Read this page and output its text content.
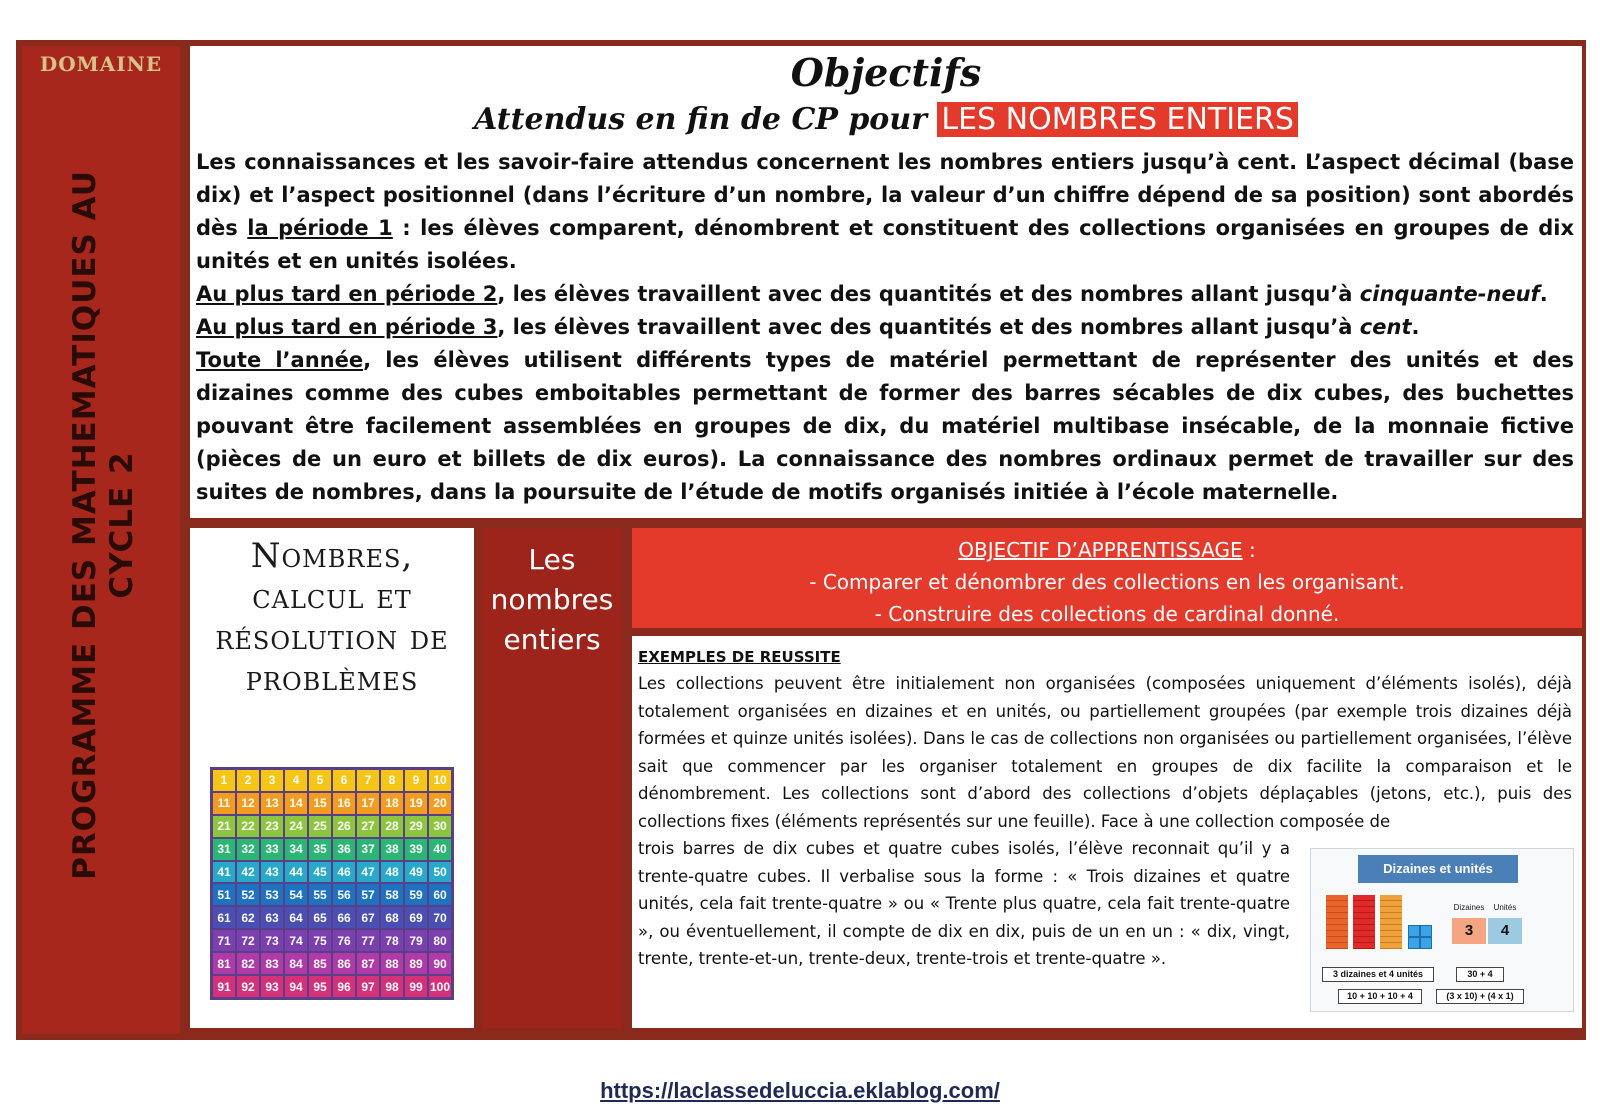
DOMAINE
PROGRAMME DES MATHEMATIQUES AU CYCLE 2
Objectifs
Attendus en fin de CP pour LES NOMBRES ENTIERS

Les connaissances et les savoir-faire attendus concernent les nombres entiers jusqu’à cent. L’aspect décimal (base dix) et l’aspect positionnel (dans l’écriture d’un nombre, la valeur d’un chiffre dépend de sa position) sont abordés dès la période 1 : les élèves comparent, dénombrent et constituent des collections organisées en groupes de dix unités et en unités isolées.

Au plus tard en période 2, les élèves travaillent avec des quantités et des nombres allant jusqu’à cinquante-neuf.

Au plus tard en période 3, les élèves travaillent avec des quantités et des nombres allant jusqu’à cent.

Toute l’année, les élèves utilisent différents types de matériel permettant de représenter des unités et des dizaines comme des cubes emboitables permettant de former des barres sécables de dix cubes, des buchettes pouvant être facilement assemblées en groupes de dix, du matériel multibase insécable, de la monnaie fictive (pièces de un euro et billets de dix euros). La connaissance des nombres ordinaux permet de travailler sur des suites de nombres, dans la poursuite de l’étude de motifs organisés initiée à l’école maternelle.

Nombres, calcul et résolution de problèmes
1	2	3	4	5	6	7	8	9	10
11 12 13 14 15 16 17 18 19 20
21 22 23 24 25 26 27 28 29 30
31 32 33 34 35 36 37 38 39 40
41 42 43 44 45 46 47 48 49 50
51 52 53 54 55 56 57 58 59 60
61 62 63 64 65 66 67 68 69 70
71 72 73 74 75 76 77 78 79 80
81 82 83 84 85 86 87 88 89 90
91 92 93 94 95 96 97 98 99 100
Les nombres entiers
OBJECTIF D’APPRENTISSAGE :
- Comparer et dénombrer des collections en les organisant.
- Construire des collections de cardinal donné.
EXEMPLES DE REUSSITE

Les collections peuvent être initialement non organisées (composées uniquement d’éléments isolés), déjà totalement organisées en dizaines et en unités, ou partiellement groupées (par exemple trois dizaines déjà formées et quinze unités isolées). Dans le cas de collections non organisées ou partiellement organisées, l’élève sait que commencer par les organiser totalement en groupes de dix facilite la comparaison et le dénombrement. Les collections sont d’abord des collections d’objets déplaçables (jetons, etc.), puis des collections fixes (éléments représentés sur une feuille). Face à une collection composée de

trois barres de dix cubes et quatre cubes isolés, l’élève reconnait qu’il y a trente-quatre cubes. Il verbalise sous la forme : « Trois dizaines et quatre unités, cela fait trente-quatre » ou « Trente plus quatre, cela fait trente-quatre », ou éventuellement, il compte de dix en dix, puis de un en un : « dix, vingt, trente, trente-et-un, trente-deux, trente-trois et trente-quatre ».

Dizaines et unités
Dizaines	Unités
3	4
3 dizaines et 4 unités	30 + 4
10 + 10 + 10 + 4	(3 x 10) + (4 x 1)
https://laclassedeluccia.eklablog.com/
